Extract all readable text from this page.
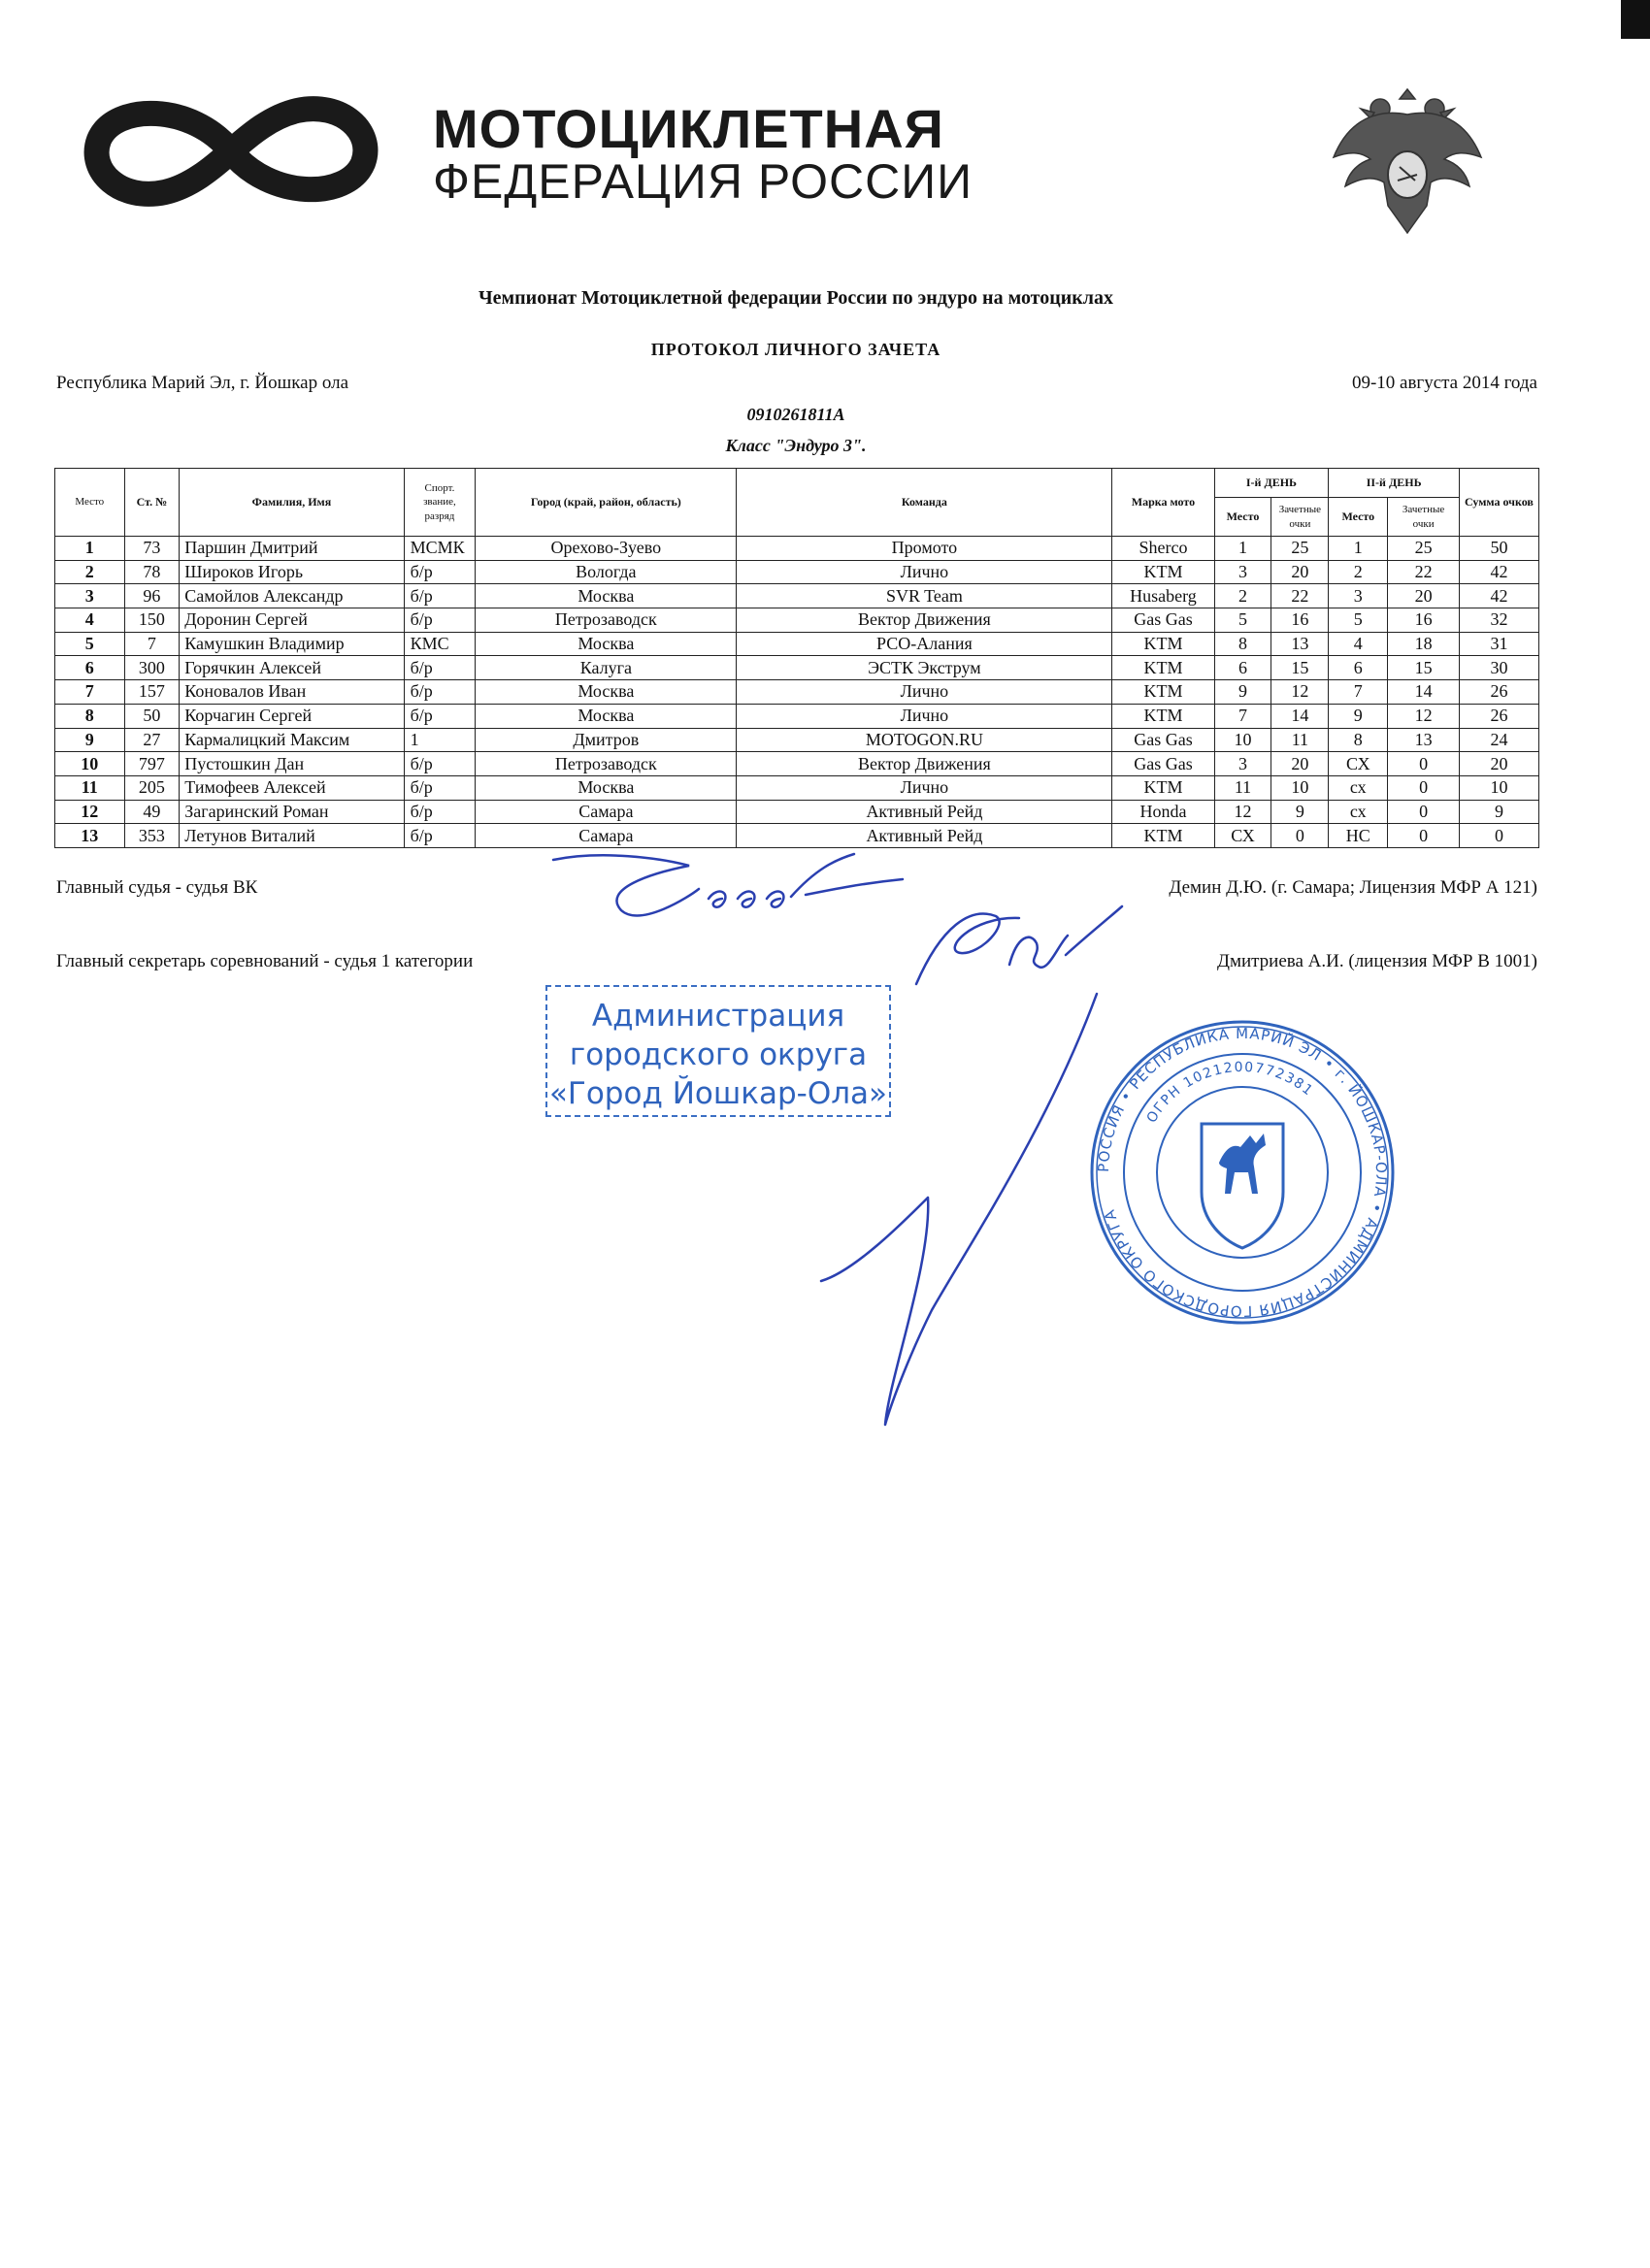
МОТОЦИКЛЕТНАЯ
ФЕДЕРАЦИЯ РОССИИ
Чемпионат Мотоциклетной федерации России по эндуро на мотоциклах
ПРОТОКОЛ ЛИЧНОГО ЗАЧЕТА
Республика Марий Эл, г. Йошкар ола	09-10 августа 2014 года
0910261811А
Класс "Эндуро 3".
Место	Ст. №	Фамилия, Имя	Спорт. звание, разряд	Город (край, район, область)	Команда	Марка мото	I-й ДЕНЬ		II-й ДЕНЬ		Сумма очков
							Место	Зачетные очки	Место	Зачетные очки	
1	73	Паршин Дмитрий	МСМК	Орехово-Зуево	Промото	Sherco	1	25	1	25	50
2	78	Широков Игорь	б/р	Вологда	Лично	KTM	3	20	2	22	42
3	96	Самойлов Александр	б/р	Москва	SVR Team	Husaberg	2	22	3	20	42
4	150	Доронин Сергей	б/р	Петрозаводск	Вектор Движения	Gas Gas	5	16	5	16	32
5	7	Камушкин Владимир	КМС	Москва	РСО-Алания	KTM	8	13	4	18	31
6	300	Горячкин Алексей	б/р	Калуга	ЭСТК Экструм	KTM	6	15	6	15	30
7	157	Коновалов Иван	б/р	Москва	Лично	KTM	9	12	7	14	26
8	50	Корчагин Сергей	б/р	Москва	Лично	KTM	7	14	9	12	26
9	27	Кармалицкий Максим	1	Дмитров	MOTOGON.RU	Gas Gas	10	11	8	13	24
10	797	Пустошкин Дан	б/р	Петрозаводск	Вектор Движения	Gas Gas	3	20	СХ	0	20
11	205	Тимофеев Алексей	б/р	Москва	Лично	KTM	11	10	сх	0	10
12	49	Загаринский Роман	б/р	Самара	Активный Рейд	Honda	12	9	сх	0	9
13	353	Летунов Виталий	б/р	Самара	Активный Рейд	KTM	СХ	0	НС	0	0
Главный судья - судья ВК	Демин Д.Ю. (г. Самара; Лицензия МФР А 121)
Главный секретарь соревнований - судья 1 категории	Дмитриева А.И. (лицензия МФР В 1001)
Администрация
городского округа
«Город Йошкар-Ола»
РОССИЯ • РЕСПУБЛИКА МАРИЙ ЭЛ • г. ЙОШКАР-ОЛА • АДМИНИСТРАЦИЯ ГОРОДСКОГО ОКРУГА
ОГРН 1021200772381
